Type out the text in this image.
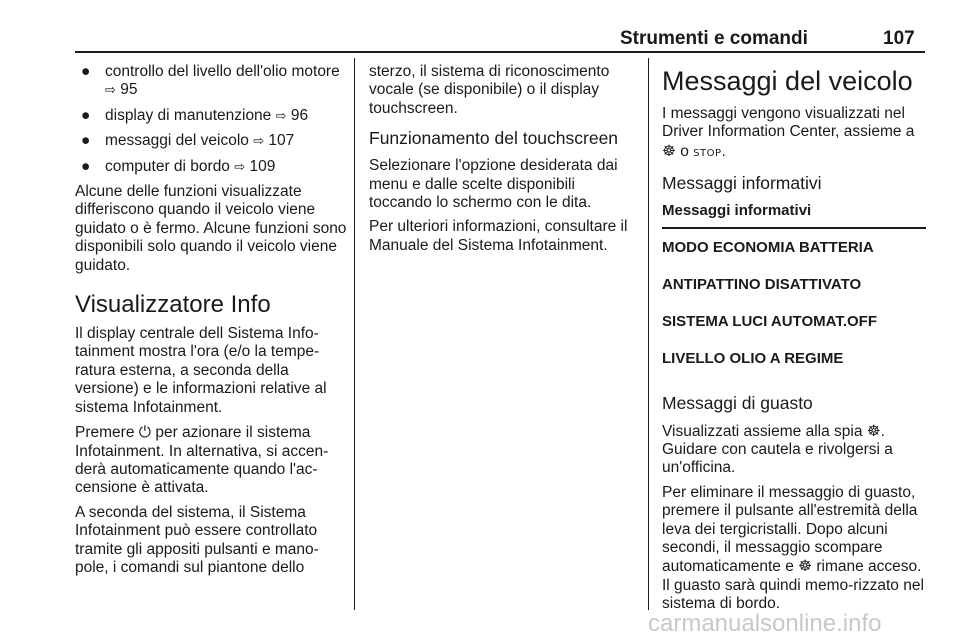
Strumenti e comandi	107
● controllo del livello dell'olio motore ⇨ 95
● display di manutenzione ⇨ 96
● messaggi del veicolo ⇨ 107
● computer di bordo ⇨ 109

Alcune delle funzioni visualizzate differiscono quando il veicolo viene guidato o è fermo. Alcune funzioni sono disponibili solo quando il veicolo viene guidato.

Visualizzatore Info

Il display centrale dell Sistema Info-tainment mostra l'ora (e/o la tempe-ratura esterna, a seconda della versione) e le informazioni relative al sistema Infotainment.

Premere ⏻ per azionare il sistema Infotainment. In alternativa, si accen-derà automaticamente quando l'ac-censione è attivata.

A seconda del sistema, il Sistema Infotainment può essere controllato tramite gli appositi pulsanti e mano-pole, i comandi sul piantone dello

sterzo, il sistema di riconoscimento vocale (se disponibile) o il display touchscreen.

Funzionamento del touchscreen

Selezionare l'opzione desiderata dai menu e dalle scelte disponibili toccando lo schermo con le dita.

Per ulteriori informazioni, consultare il Manuale del Sistema Infotainment.

Messaggi del veicolo

I messaggi vengono visualizzati nel Driver Information Center, assieme a
☸ o STOP.

Messaggi informativi
Messaggi informativi
MODO ECONOMIA BATTERIA
ANTIPATTINO DISATTIVATO
SISTEMA LUCI AUTOMAT.OFF
LIVELLO OLIO A REGIME
Messaggi di guasto

Visualizzati assieme alla spia ☸. Guidare con cautela e rivolgersi a un'officina.

Per eliminare il messaggio di guasto, premere il pulsante all'estremità della leva dei tergicristalli. Dopo alcuni secondi, il messaggio scompare automaticamente e ☸ rimane acceso. Il guasto sarà quindi memo-rizzato nel sistema di bordo.

carmanualsonline.info
